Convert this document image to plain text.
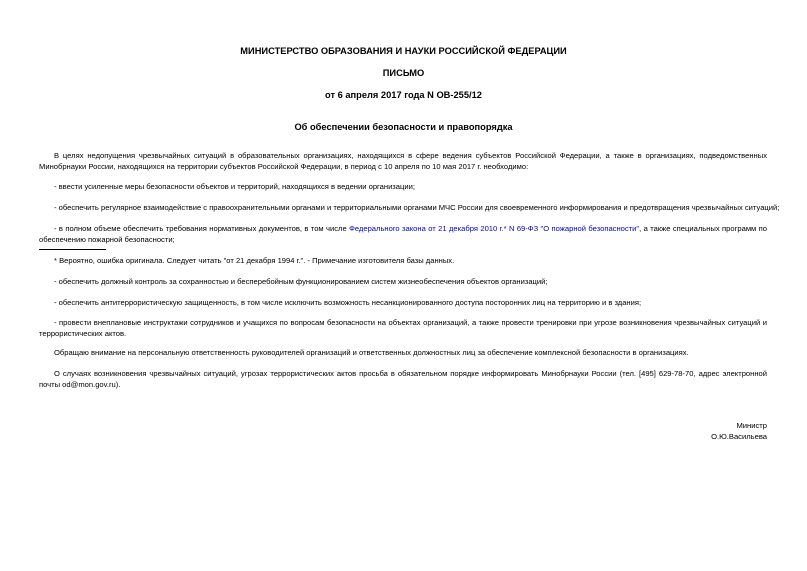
МИНИСТЕРСТВО ОБРАЗОВАНИЯ И НАУКИ РОССИЙСКОЙ ФЕДЕРАЦИИ
ПИСЬМО
от 6 апреля 2017 года N ОВ-255/12
Об обеспечении безопасности и правопорядка
В целях недопущения чрезвычайных ситуаций в образовательных организациях, находящихся в сфере ведения субъектов Российской Федерации, а также в организациях, подведомственных Минобрнауки России, находящихся на территории субъектов Российской Федерации, в период с 10 апреля по 10 мая 2017 г. необходимо:
- ввести усиленные меры безопасности объектов и территорий, находящихся в ведении организации;
- обеспечить регулярное взаимодействие с правоохранительными органами и территориальными органами МЧС России для своевременного информирования и предотвращения чрезвычайных ситуаций;
- в полном объеме обеспечить требования нормативных документов, в том числе Федерального закона от 21 декабря 2010 г.* N 69-ФЗ "О пожарной безопасности", а также специальных программ по обеспечению пожарной безопасности;
* Вероятно, ошибка оригинала. Следует читать "от 21 декабря 1994 г.". - Примечание изготовителя базы данных.
- обеспечить должный контроль за сохранностью и бесперебойным функционированием систем жизнеобеспечения объектов организаций;
- обеспечить антитеррористическую защищенность, в том числе исключить возможность несанкционированного доступа посторонних лиц на территорию и в здания;
- провести внеплановые инструктажи сотрудников и учащихся по вопросам безопасности на объектах организаций, а также провести тренировки при угрозе возникновения чрезвычайных ситуаций и террористических актов.
Обращаю внимание на персональную ответственность руководителей организаций и ответственных должностных лиц за обеспечение комплексной безопасности в организациях.
О случаях возникновения чрезвычайных ситуаций, угрозах террористических актов просьба в обязательном порядке информировать Минобрнауки России (тел. [495] 629-78-70, адрес электронной почты od@mon.gov.ru).
Министр
О.Ю.Васильева
